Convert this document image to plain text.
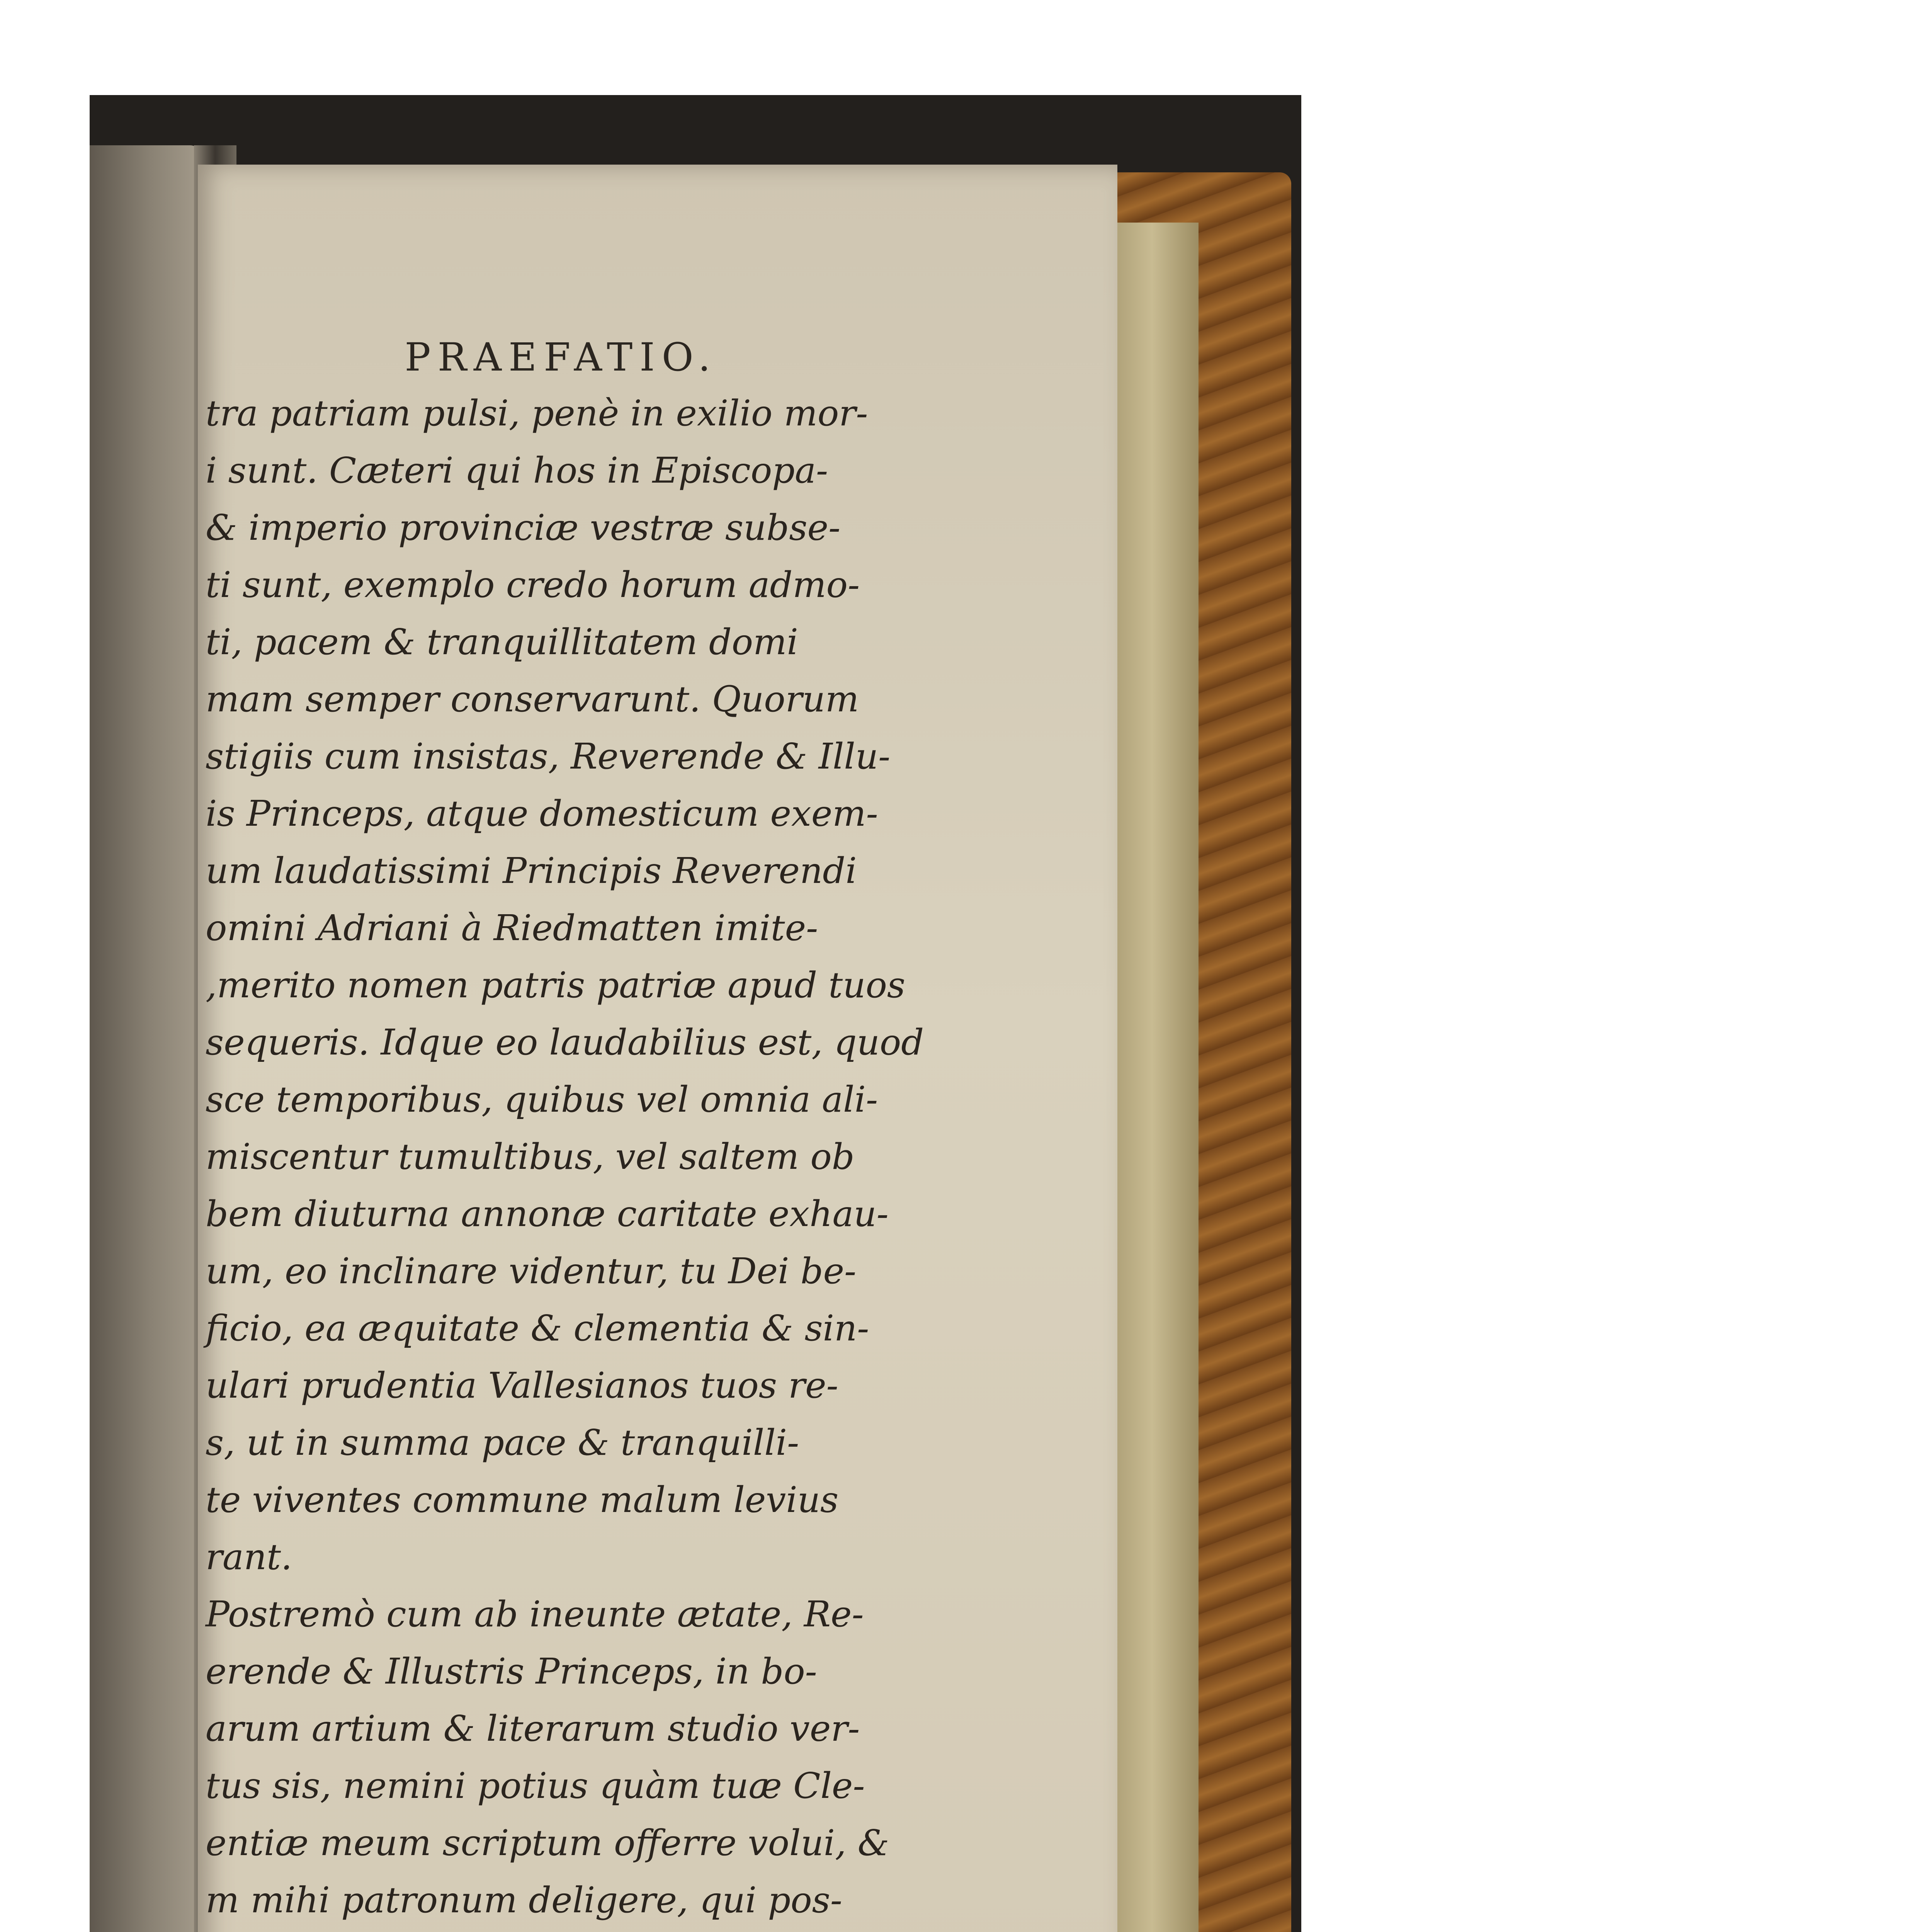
PRAEFATIO.
tra patriam pulsi, penè in exilio mor-
i sunt. Cæteri qui hos in Episcopa-
& imperio provinciæ vestræ subse-
ti sunt, exemplo credo horum admo-
ti, pacem & tranquillitatem domi
mam semper conservarunt. Quorum
stigiis cum insistas, Reverende & Illu-
is Princeps, atque domesticum exem-
um laudatissimi Principis Reverendi
omini Adriani à Riedmatten imite-
,merito nomen patris patriæ apud tuos
sequeris. Idque eo laudabilius est, quod
sce temporibus, quibus vel omnia ali-
miscentur tumultibus, vel saltem ob
bem diuturna annonæ caritate exhau-
um, eo inclinare videntur, tu Dei be-
ficio, ea æquitate & clementia & sin-
ulari prudentia Vallesianos tuos re-
s, ut in summa pace & tranquilli-
te viventes commune malum levius
rant.
Postremò cum ab ineunte ætate, Re-
erende & Illustris Princeps, in bo-
arum artium & literarum studio ver-
tus sis, nemini potius quàm tuæ Cle-
entiæ meum scriptum offerre volui, &
m mihi patronum deligere, qui pos-
